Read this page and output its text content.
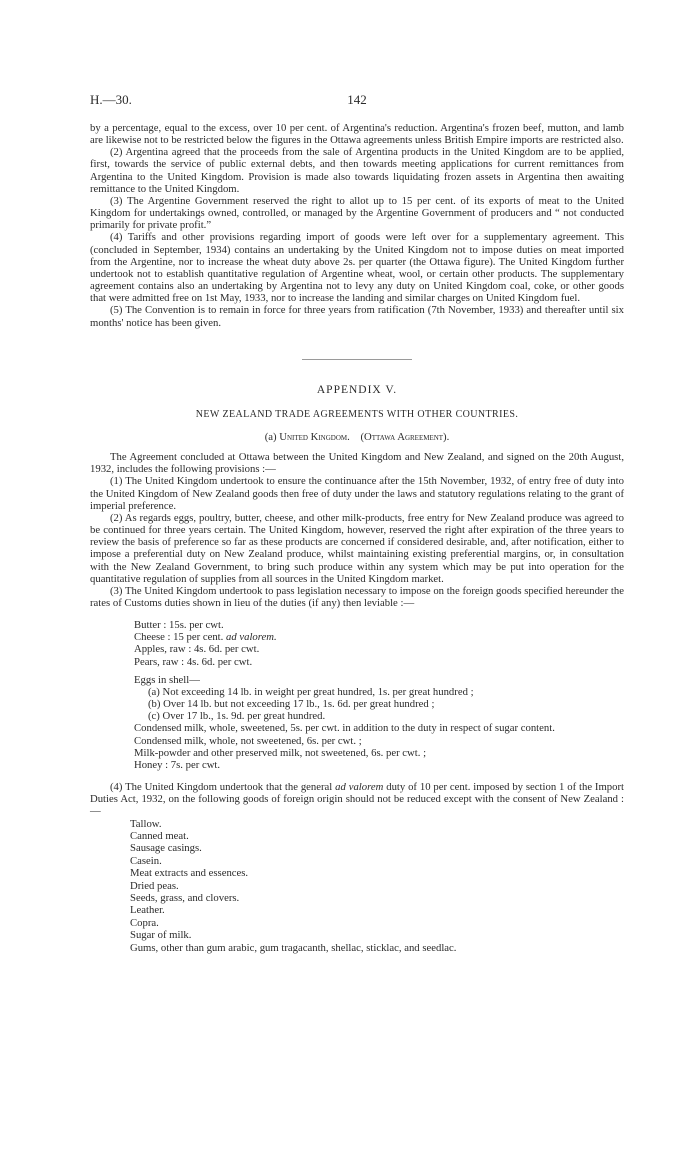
H.—30.	142

by a percentage, equal to the excess, over 10 per cent. of Argentina's reduction. Argentina's frozen beef, mutton, and lamb are likewise not to be restricted below the figures in the Ottawa agreements unless British Empire imports are restricted also.

(2) Argentina agreed that the proceeds from the sale of Argentina products in the United Kingdom are to be applied, first, towards the service of public external debts, and then towards meeting applications for current remittances from Argentina to the United Kingdom. Provision is made also towards liquidating frozen assets in Argentina then awaiting remittance to the United Kingdom.

(3) The Argentine Government reserved the right to allot up to 15 per cent. of its exports of meat to the United Kingdom for undertakings owned, controlled, or managed by the Argentine Government of producers and “ not conducted primarily for private profit.”

(4) Tariffs and other provisions regarding import of goods were left over for a supplementary agreement. This (concluded in September, 1934) contains an undertaking by the United Kingdom not to impose duties on meat imported from the Argentine, nor to increase the wheat duty above 2s. per quarter (the Ottawa figure). The United Kingdom further undertook not to establish quantitative regulation of Argentine wheat, wool, or certain other products. The supplementary agreement contains also an undertaking by Argentina not to levy any duty on United Kingdom coal, coke, or other goods that were admitted free on 1st May, 1933, nor to increase the landing and similar charges on United Kingdom fuel.

(5) The Convention is to remain in force for three years from ratification (7th November, 1933) and thereafter until six months' notice has been given.

APPENDIX V.
NEW ZEALAND TRADE AGREEMENTS WITH OTHER COUNTRIES.
(a) United Kingdom. (Ottawa Agreement).

The Agreement concluded at Ottawa between the United Kingdom and New Zealand, and signed on the 20th August, 1932, includes the following provisions :—

(1) The United Kingdom undertook to ensure the continuance after the 15th November, 1932, of entry free of duty into the United Kingdom of New Zealand goods then free of duty under the laws and statutory regulations relating to the grant of imperial preference.

(2) As regards eggs, poultry, butter, cheese, and other milk-products, free entry for New Zealand produce was agreed to be continued for three years certain. The United Kingdom, however, reserved the right after expiration of the three years to review the basis of preference so far as these products are concerned if considered desirable, and, after notification, either to impose a preferential duty on New Zealand produce, whilst maintaining existing preferential margins, or, in consultation with the New Zealand Government, to bring such produce within any system which may be put into operation for the quantitative regulation of supplies from all sources in the United Kingdom market.

(3) The United Kingdom undertook to pass legislation necessary to impose on the foreign goods specified hereunder the rates of Customs duties shown in lieu of the duties (if any) then leviable :—

Butter : 15s. per cwt.
Cheese : 15 per cent. ad valorem.
Apples, raw : 4s. 6d. per cwt.
Pears, raw : 4s. 6d. per cwt.
Eggs in shell—
(a) Not exceeding 14 lb. in weight per great hundred, 1s. per great hundred ;
(b) Over 14 lb. but not exceeding 17 lb., 1s. 6d. per great hundred ;
(c) Over 17 lb., 1s. 9d. per great hundred.
Condensed milk, whole, sweetened, 5s. per cwt. in addition to the duty in respect of sugar content.
Condensed milk, whole, not sweetened, 6s. per cwt. ;
Milk-powder and other preserved milk, not sweetened, 6s. per cwt. ;
Honey : 7s. per cwt.

(4) The United Kingdom undertook that the general ad valorem duty of 10 per cent. imposed by section 1 of the Import Duties Act, 1932, on the following goods of foreign origin should not be reduced except with the consent of New Zealand :—

Tallow.
Canned meat.
Sausage casings.
Casein.
Meat extracts and essences.
Dried peas.
Seeds, grass, and clovers.
Leather.
Copra.
Sugar of milk.
Gums, other than gum arabic, gum tragacanth, shellac, sticklac, and seedlac.
